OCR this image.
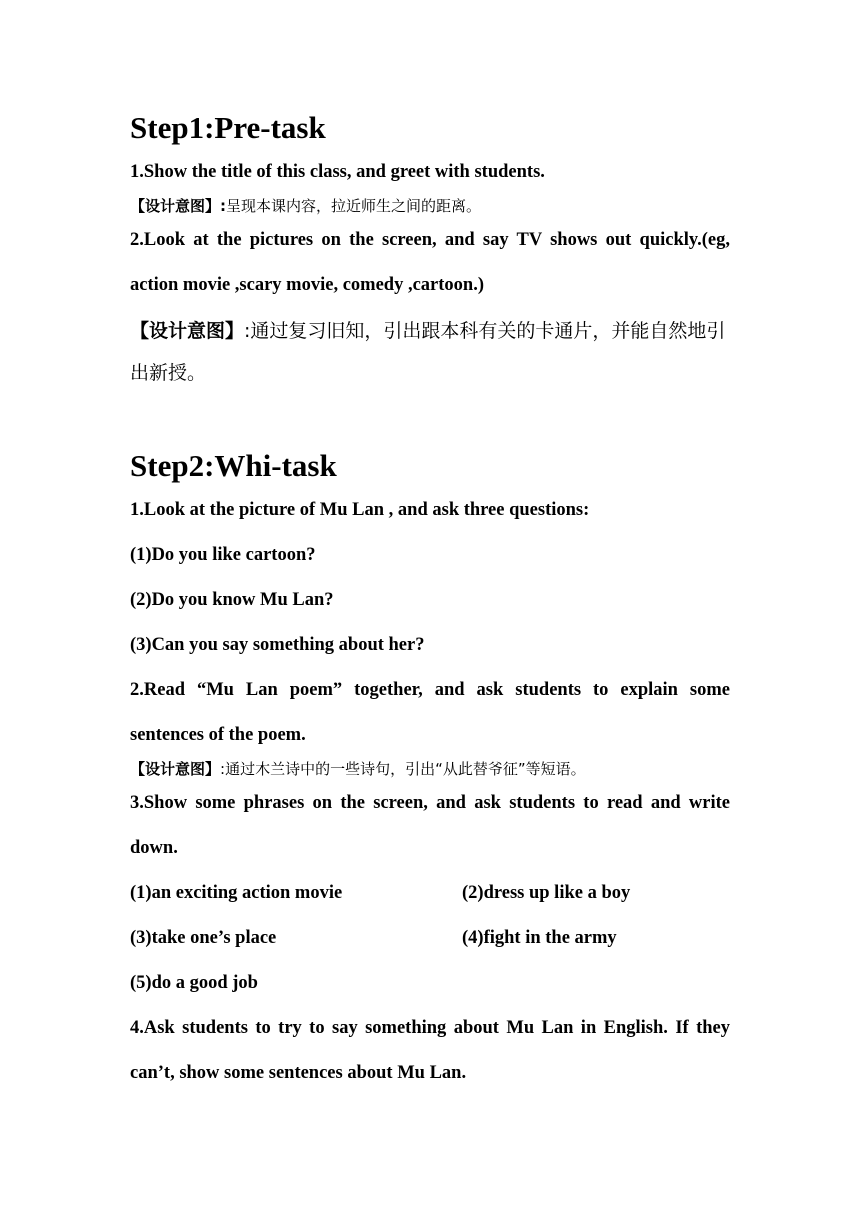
Step1:Pre-task
1.Show the title of this class, and greet with students.
【设计意图】:呈现本课内容，拉近师生之间的距离。
2.Look at the pictures on the screen, and say TV shows out quickly.(eg, action movie ,scary movie, comedy ,cartoon.)
【设计意图】:通过复习旧知，引出跟本科有关的卡通片，并能自然地引出新授。
Step2:Whi-task
1.Look at the picture of Mu Lan , and ask three questions:
(1)Do you like cartoon?
(2)Do you know Mu Lan?
(3)Can you say something about her?
2.Read “Mu Lan poem” together, and ask students to explain some sentences of the poem.
【设计意图】:通过木兰诗中的一些诗句，引出“从此替爷征”等短语。
3.Show some phrases on the screen, and ask students to read and write down.
(1)an exciting action movie	(2)dress up like a boy
(3)take one’s place	(4)fight in the army
(5)do a good job
4.Ask students to try to say something about Mu Lan in English. If they can’t, show some sentences about Mu Lan.
